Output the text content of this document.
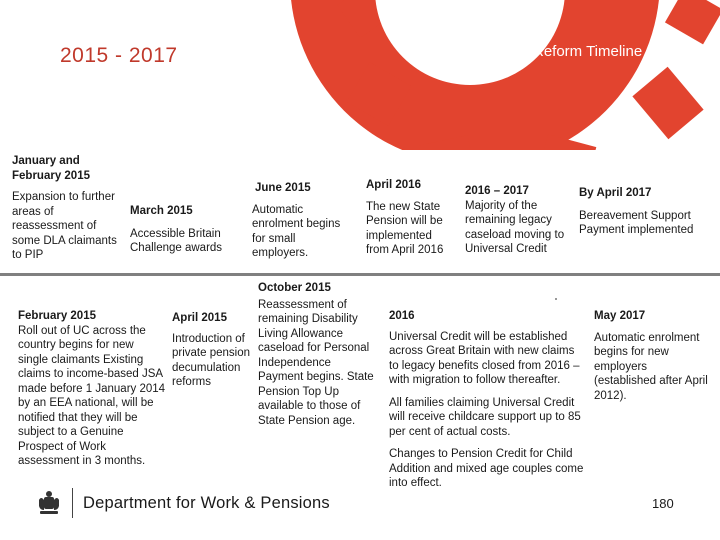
2015 - 2017	Reform Timeline
January and February 2015
Expansion to further areas of reassessment of some DLA claimants to PIP
March 2015
Accessible Britain Challenge awards
June 2015
Automatic enrolment begins for small employers.
April 2016
The new State Pension will be implemented from April 2016
2016 – 2017
Majority of the remaining legacy caseload moving to Universal Credit
By April 2017
Bereavement Support Payment implemented
February 2015
Roll out of UC across the country begins for new single claimants Existing claims to income-based JSA made before 1 January 2014 by an EEA national, will be notified that they will be subject to a Genuine Prospect of Work assessment in 3 months.
April 2015
Introduction of private pension decumulation reforms
October 2015
Reassessment of remaining Disability Living Allowance caseload for Personal Independence Payment begins. State Pension Top Up available to those of State Pension age.
2016
Universal Credit will be established across Great Britain with new claims to legacy benefits closed from 2016 – with migration to follow thereafter.
All families claiming Universal Credit will receive childcare support up to 85 per cent of actual costs.
Changes to Pension Credit for Child Addition and mixed age couples come into effect.
May 2017
Automatic enrolment begins for new employers (established after April 2012).
Department for Work & Pensions	180
